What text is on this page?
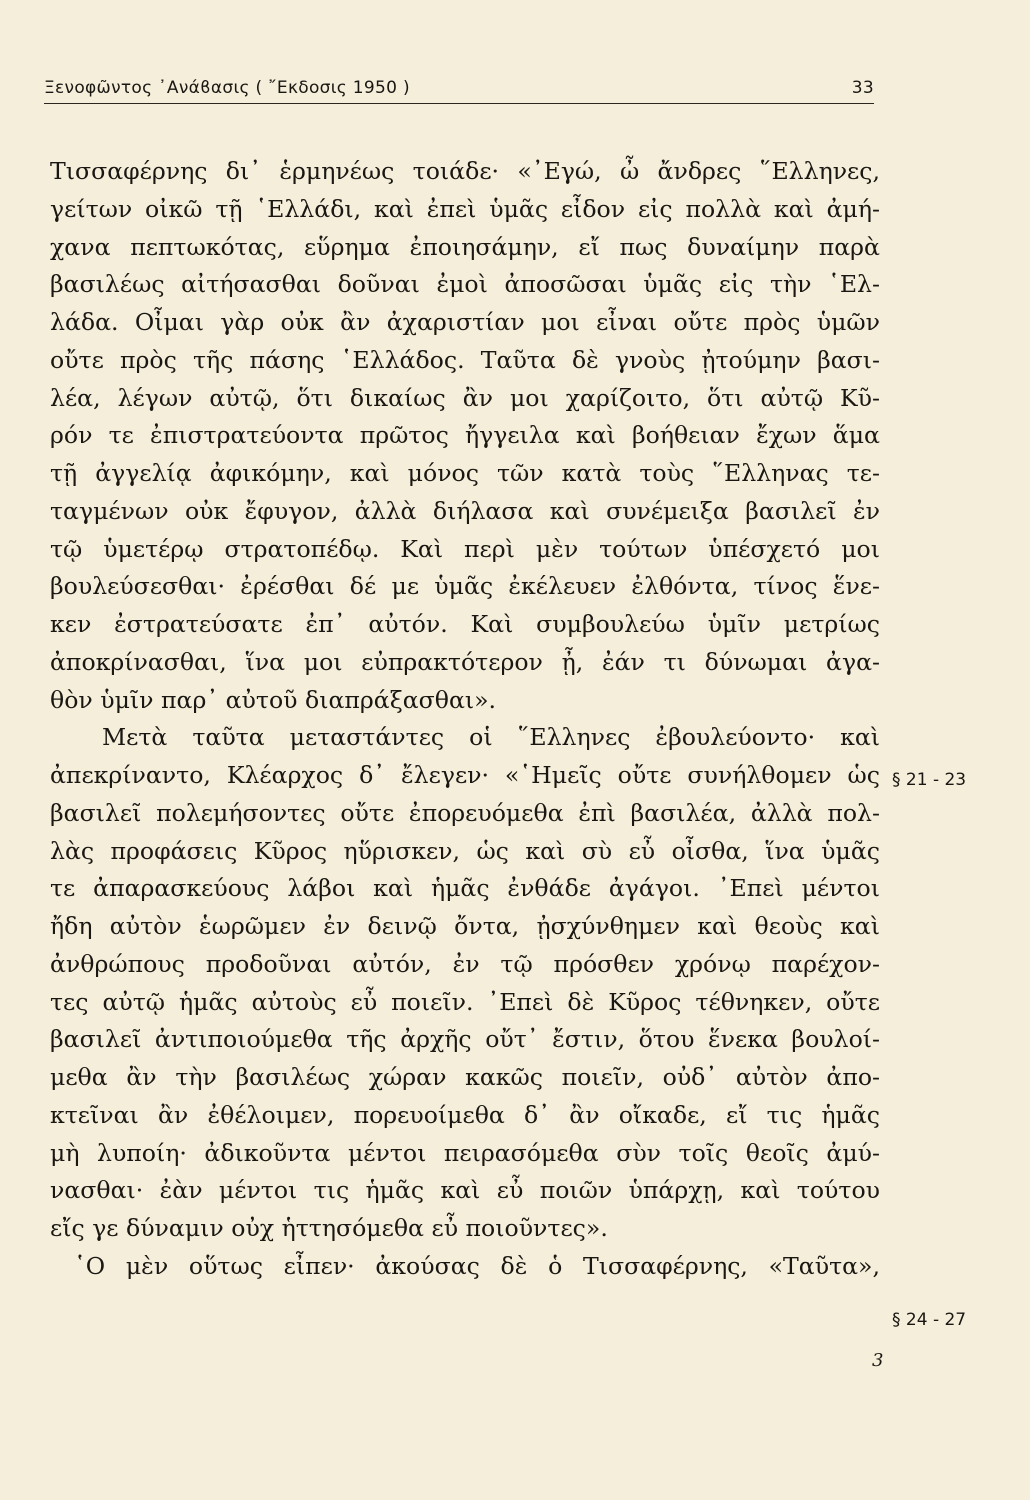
Ξενοφῶντος ᾿Ανάϐασις ( ῎Εκδοσις 1950 )	33
Τισσαφέρνης δι᾽ ἑρμηνέως τοιάδε· «᾿Εγώ, ὦ ἄνδρες ῞Ελληνες,
γείτων οἰκῶ τῇ ῾Ελλάδι, καὶ ἐπεὶ ὑμᾶς εἶδον εἰς πολλὰ καὶ ἀμή-
χανα πεπτωκότας, εὕρημα ἐποιησάμην, εἴ πως δυναίμην παρὰ
βασιλέως αἰτήσασθαι δοῦναι ἐμοὶ ἀποσῶσαι ὑμᾶς εἰς τὴν ῾Ελ-
λάδα. Οἶμαι γὰρ οὐκ ἂν ἀχαριστίαν μοι εἶναι οὔτε πρὸς ὑμῶν
οὔτε πρὸς τῆς πάσης ῾Ελλάδος. Ταῦτα δὲ γνοὺς ᾐτούμην βασι-
λέα, λέγων αὐτῷ, ὅτι δικαίως ἂν μοι χαρίζοιτο, ὅτι αὐτῷ Κῦ-
ρόν τε ἐπιστρατεύοντα πρῶτος ἤγγειλα καὶ βοήθειαν ἔχων ἅμα
τῇ ἀγγελίᾳ ἀφικόμην, καὶ μόνος τῶν κατὰ τοὺς ῞Ελληνας τε-
ταγμένων οὐκ ἔφυγον, ἀλλὰ διήλασα καὶ συνέμειξα βασιλεῖ ἐν
τῷ ὑμετέρῳ στρατοπέδῳ. Καὶ περὶ μὲν τούτων ὑπέσχετό μοι
βουλεύσεσθαι· ἐρέσθαι δέ με ὑμᾶς ἐκέλευεν ἐλθόντα, τίνος ἕνε-
κεν ἐστρατεύσατε ἐπ᾽ αὐτόν. Καὶ συμβουλεύω ὑμῖν μετρίως
ἀποκρίνασθαι, ἵνα μοι εὐπρακτότερον ᾖ, ἐάν τι δύνωμαι ἀγα-
θὸν ὑμῖν παρ᾽ αὐτοῦ διαπράξασθαι».
Μετὰ ταῦτα μεταστάντες οἱ ῞Ελληνες ἐβουλεύοντο· καὶ
ἀπεκρίναντο, Κλέαρχος δ᾽ ἔλεγεν· «῾Ημεῖς οὔτε συνήλθομεν ὡς
βασιλεῖ πολεμήσοντες οὔτε ἐπορευόμεθα ἐπὶ βασιλέα, ἀλλὰ πολ-
λὰς προφάσεις Κῦρος ηὕρισκεν, ὡς καὶ σὺ εὖ οἶσθα, ἵνα ὑμᾶς
τε ἀπαρασκεύους λάβοι καὶ ἡμᾶς ἐνθάδε ἀγάγοι. ᾿Επεὶ μέντοι
ἤδη αὐτὸν ἑωρῶμεν ἐν δεινῷ ὄντα, ᾐσχύνθημεν καὶ θεοὺς καὶ
ἀνθρώπους προδοῦναι αὐτόν, ἐν τῷ πρόσθεν χρόνῳ παρέχον-
τες αὐτῷ ἡμᾶς αὐτοὺς εὖ ποιεῖν. ᾿Επεὶ δὲ Κῦρος τέθνηκεν, οὔτε
βασιλεῖ ἀντιποιούμεθα τῆς ἀρχῆς οὔτ᾽ ἔστιν, ὅτου ἕνεκα βουλοί-
μεθα ἂν τὴν βασιλέως χώραν κακῶς ποιεῖν, οὐδ᾽ αὐτὸν ἀπο-
κτεῖναι ἂν ἐθέλοιμεν, πορευοίμεθα δ᾽ ἂν οἴκαδε, εἴ τις ἡμᾶς
μὴ λυποίη· ἀδικοῦντα μέντοι πειρασόμεθα σὺν τοῖς θεοῖς ἀμύ-
νασθαι· ἐὰν μέντοι τις ἡμᾶς καὶ εὖ ποιῶν ὑπάρχῃ, καὶ τούτου
εἴς γε δύναμιν οὐχ ἡττησόμεθα εὖ ποιοῦντες».
῾Ο μὲν οὕτως εἶπεν· ἀκούσας δὲ ὁ Τισσαφέρνης, «Ταῦτα»,
§ 21 - 23
§ 24 - 27
3
